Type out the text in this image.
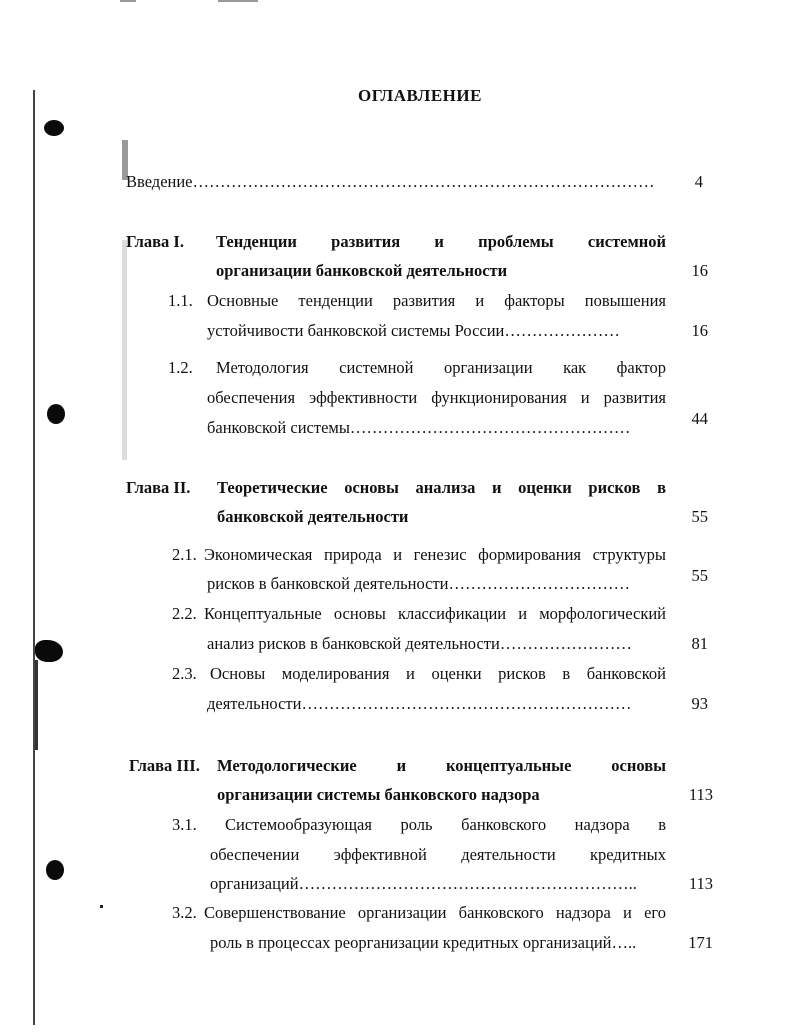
ОГЛАВЛЕНИЕ
Введение…………………………………………………………………………	4
Глава I. Тенденции развития и проблемы системной
организации банковской деятельности	16
1.1. Основные тенденции развития и факторы повышения
устойчивости банковской системы России…………………	16
1.2. Методология системной организации как фактор
обеспечения эффективности функционирования и развития
банковской системы……………………………………………	44
Глава II. Теоретические основы анализа и оценки рисков в
банковской деятельности	55
2.1. Экономическая природа и генезис формирования структуры
рисков в банковской деятельности……………………………	55
2.2. Концептуальные основы классификации и морфологический
анализ рисков в банковской деятельности……………………	81
2.3. Основы моделирования и оценки рисков в банковской
деятельности……………………………………………………	93
Глава III. Методологические и концептуальные основы
организации системы банковского надзора	113
3.1. Системообразующая роль банковского надзора в
обеспечении эффективной деятельности кредитных
организаций……………………………………………………..	113
3.2. Совершенствование организации банковского надзора и его
роль в процессах реорганизации кредитных организаций…..	171
